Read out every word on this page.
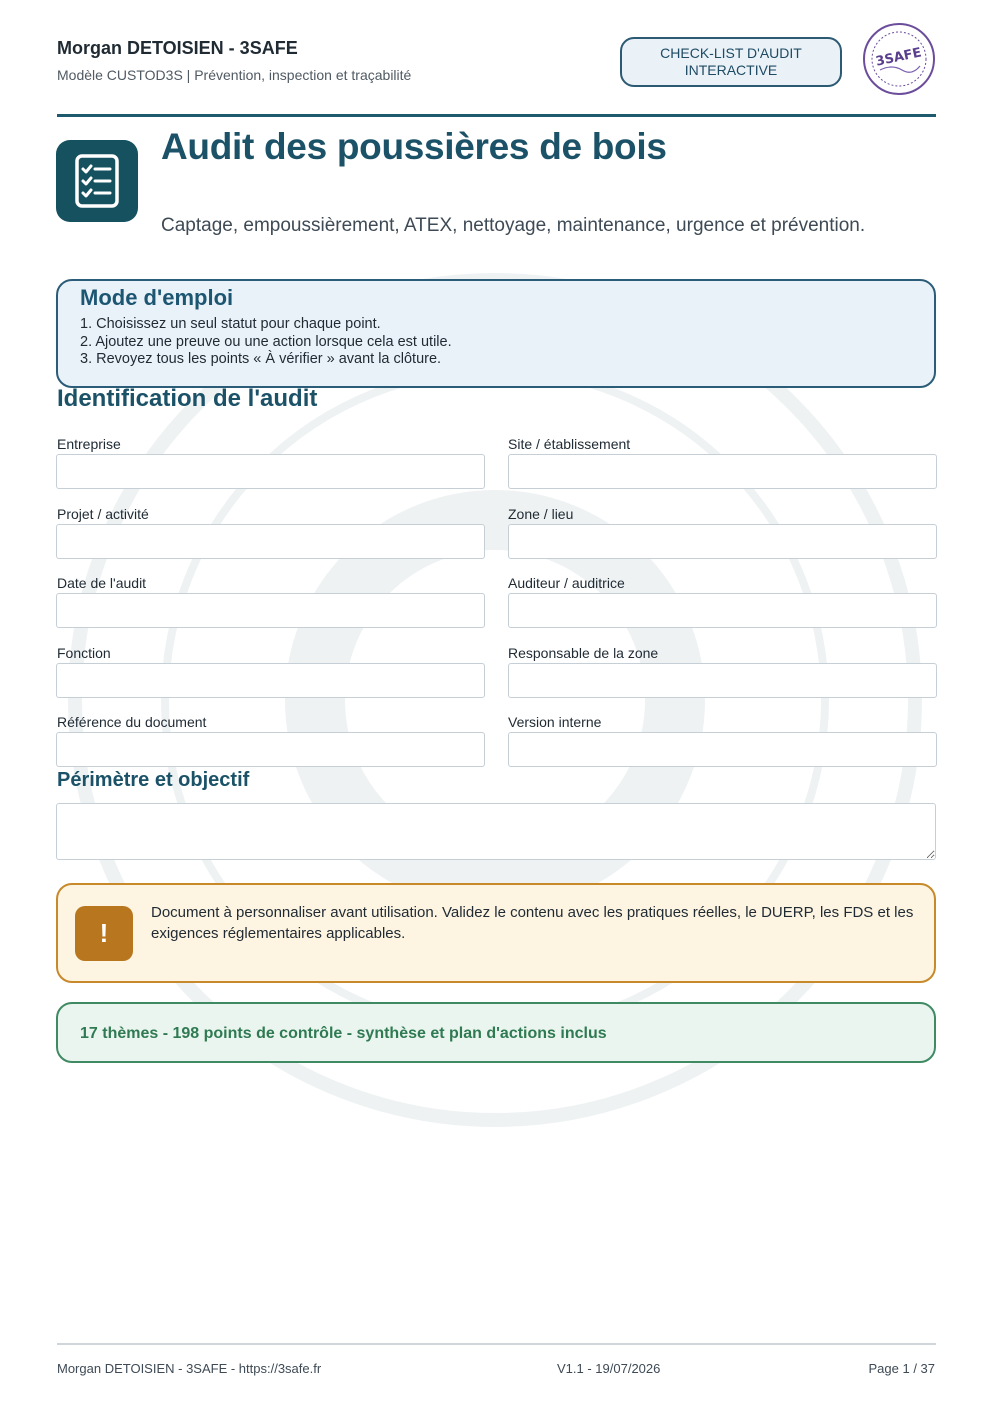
Morgan DETOISIEN - 3SAFE
Modèle CUSTOD3S | Prévention, inspection et traçabilité
CHECK-LIST D'AUDIT
INTERACTIVE
3SAFE
Audit des poussières de bois
Captage, empoussièrement, ATEX, nettoyage, maintenance, urgence et prévention.
Mode d'emploi
1. Choisissez un seul statut pour chaque point.
2. Ajoutez une preuve ou une action lorsque cela est utile.
3. Revoyez tous les points « À vérifier » avant la clôture.
Identification de l'audit
Entreprise	Site / établissement
Projet / activité	Zone / lieu
Date de l'audit	Auditeur / auditrice
Fonction	Responsable de la zone
Référence du document	Version interne
Périmètre et objectif
!
Document à personnaliser avant utilisation. Validez le contenu avec les pratiques réelles, le DUERP, les FDS et les exigences réglementaires applicables.
17 thèmes - 198 points de contrôle - synthèse et plan d'actions inclus
Morgan DETOISIEN - 3SAFE - https://3safe.fr	V1.1 - 19/07/2026	Page 1 / 37
